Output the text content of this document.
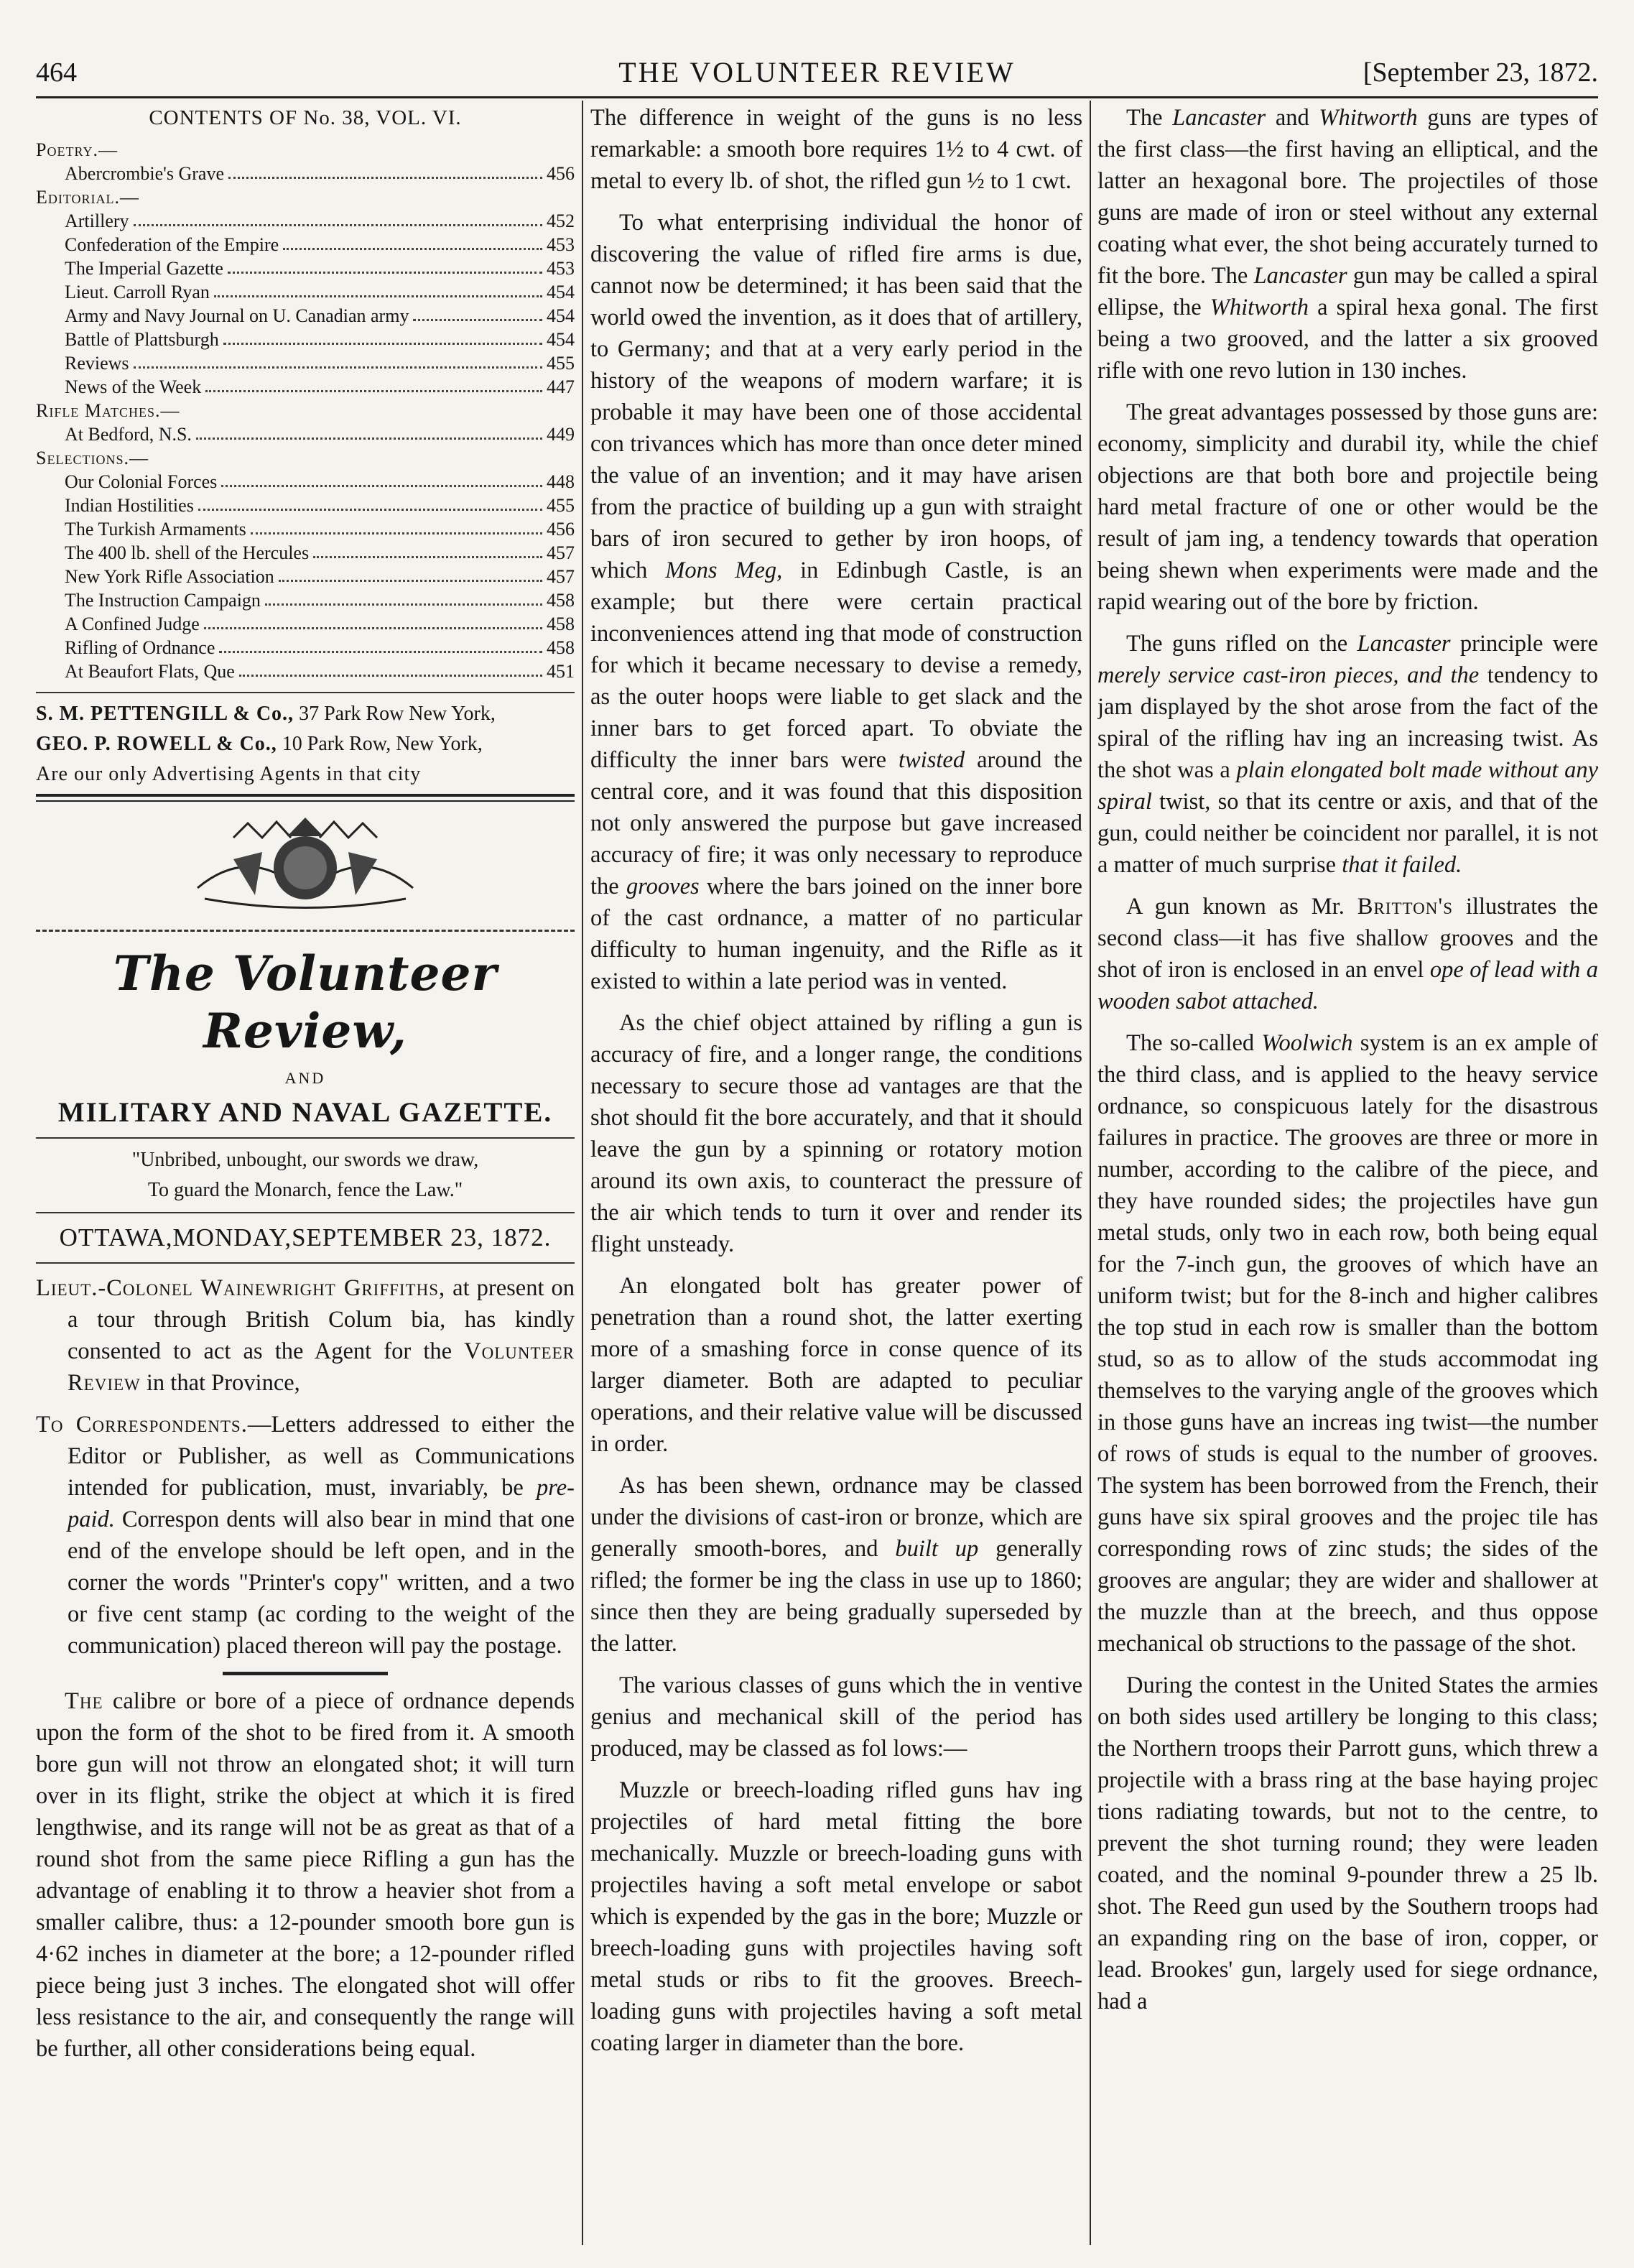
464	THE VOLUNTEER REVIEW	[September 23, 1872.
CONTENTS OF No. 38, VOL. VI.
Poetry.—
Abercrombie's Grave	456
Editorial.—
Artillery	452
Confederation of the Empire	453
The Imperial Gazette	453
Lieut. Carroll Ryan	454
Army and Navy Journal on U. Canadian army	454
Battle of Plattsburgh	454
Reviews	455
News of the Week	447
Rifle Matches.—
At Bedford, N.S.	449
Selections.—
Our Colonial Forces	448
Indian Hostilities	455
The Turkish Armaments	456
The 400 lb. shell of the Hercules	457
New York Rifle Association	457
The Instruction Campaign	458
A Confined Judge	458
Rifling of Ordnance	458
At Beaufort Flats, Que	451
S. M. PETTENGILL & Co., 37 Park Row New York,
GEO. P. ROWELL & Co., 10 Park Row, New York,
Are our only Advertising Agents in that city
The Volunteer Review,
AND
MILITARY AND NAVAL GAZETTE.
"Unbribed, unbought, our swords we draw,
To guard the Monarch, fence the Law."
OTTAWA,MONDAY,SEPTEMBER 23, 1872.

Lieut.-Colonel Wainewright Griffiths, at present on a tour through British Colum bia, has kindly consented to act as the Agent for the Volunteer Review in that Province,

To Correspondents.—Letters addressed to either the Editor or Publisher, as well as Communications intended for publication, must, invariably, be pre-paid. Correspon dents will also bear in mind that one end of the envelope should be left open, and in the corner the words "Printer's copy" written, and a two or five cent stamp (ac cording to the weight of the communication) placed thereon will pay the postage.

The calibre or bore of a piece of ordnance depends upon the form of the shot to be fired from it. A smooth bore gun will not throw an elongated shot; it will turn over in its flight, strike the object at which it is fired lengthwise, and its range will not be as great as that of a round shot from the same piece Rifling a gun has the advantage of enabling it to throw a heavier shot from a smaller calibre, thus: a 12-pounder smooth bore gun is 4·62 inches in diameter at the bore; a 12-pounder rifled piece being just 3 inches. The elongated shot will offer less resistance to the air, and consequently the range will be further, all other considerations being equal.

The difference in weight of the guns is no less remarkable: a smooth bore requires 1½ to 4 cwt. of metal to every lb. of shot, the rifled gun ½ to 1 cwt.

To what enterprising individual the honor of discovering the value of rifled fire arms is due, cannot now be determined; it has been said that the world owed the invention, as it does that of artillery, to Germany; and that at a very early period in the history of the weapons of modern warfare; it is probable it may have been one of those accidental con trivances which has more than once deter mined the value of an invention; and it may have arisen from the practice of building up a gun with straight bars of iron secured to gether by iron hoops, of which Mons Meg, in Edinbugh Castle, is an example; but there were certain practical inconveniences attend ing that mode of construction for which it became necessary to devise a remedy, as the outer hoops were liable to get slack and the inner bars to get forced apart. To obviate the difficulty the inner bars were twisted around the central core, and it was found that this disposition not only answered the purpose but gave increased accuracy of fire; it was only necessary to reproduce the grooves where the bars joined on the inner bore of the cast ordnance, a matter of no particular difficulty to human ingenuity, and the Rifle as it existed to within a late period was in vented.

As the chief object attained by rifling a gun is accuracy of fire, and a longer range, the conditions necessary to secure those ad vantages are that the shot should fit the bore accurately, and that it should leave the gun by a spinning or rotatory motion around its own axis, to counteract the pressure of the air which tends to turn it over and render its flight unsteady.

An elongated bolt has greater power of penetration than a round shot, the latter exerting more of a smashing force in conse quence of its larger diameter. Both are adapted to peculiar operations, and their relative value will be discussed in order.

As has been shewn, ordnance may be classed under the divisions of cast-iron or bronze, which are generally smooth-bores, and built up generally rifled; the former be ing the class in use up to 1860; since then they are being gradually superseded by the latter.

The various classes of guns which the in ventive genius and mechanical skill of the period has produced, may be classed as fol lows:—

Muzzle or breech-loading rifled guns hav ing projectiles of hard metal fitting the bore mechanically. Muzzle or breech-loading guns with projectiles having a soft metal envelope or sabot which is expended by the gas in the bore; Muzzle or breech-loading guns with projectiles having soft metal studs or ribs to fit the grooves. Breech-loading guns with projectiles having a soft metal coating larger in diameter than the bore.

The Lancaster and Whitworth guns are types of the first class—the first having an elliptical, and the latter an hexagonal bore. The projectiles of those guns are made of iron or steel without any external coating what ever, the shot being accurately turned to fit the bore. The Lancaster gun may be called a spiral ellipse, the Whitworth a spiral hexa gonal. The first being a two grooved, and the latter a six grooved rifle with one revo lution in 130 inches.

The great advantages possessed by those guns are: economy, simplicity and durabil ity, while the chief objections are that both bore and projectile being hard metal fracture of one or other would be the result of jam ing, a tendency towards that operation being shewn when experiments were made and the rapid wearing out of the bore by friction.

The guns rifled on the Lancaster principle were merely service cast-iron pieces, and the tendency to jam displayed by the shot arose from the fact of the spiral of the rifling hav ing an increasing twist. As the shot was a plain elongated bolt made without any spiral twist, so that its centre or axis, and that of the gun, could neither be coincident nor parallel, it is not a matter of much surprise that it failed.

A gun known as Mr. Britton's illustrates the second class—it has five shallow grooves and the shot of iron is enclosed in an envel ope of lead with a wooden sabot attached.

The so-called Woolwich system is an ex ample of the third class, and is applied to the heavy service ordnance, so conspicuous lately for the disastrous failures in practice. The grooves are three or more in number, according to the calibre of the piece, and they have rounded sides; the projectiles have gun metal studs, only two in each row, both being equal for the 7-inch gun, the grooves of which have an uniform twist; but for the 8-inch and higher calibres the top stud in each row is smaller than the bottom stud, so as to allow of the studs accommodat ing themselves to the varying angle of the grooves which in those guns have an increas ing twist—the number of rows of studs is equal to the number of grooves. The system has been borrowed from the French, their guns have six spiral grooves and the projec tile has corresponding rows of zinc studs; the sides of the grooves are angular; they are wider and shallower at the muzzle than at the breech, and thus oppose mechanical ob structions to the passage of the shot.

During the contest in the United States the armies on both sides used artillery be longing to this class; the Northern troops their Parrott guns, which threw a projectile with a brass ring at the base haying projec tions radiating towards, but not to the centre, to prevent the shot turning round; they were leaden coated, and the nominal 9-pounder threw a 25 lb. shot. The Reed gun used by the Southern troops had an expanding ring on the base of iron, copper, or lead. Brookes' gun, largely used for siege ordnance, had a
